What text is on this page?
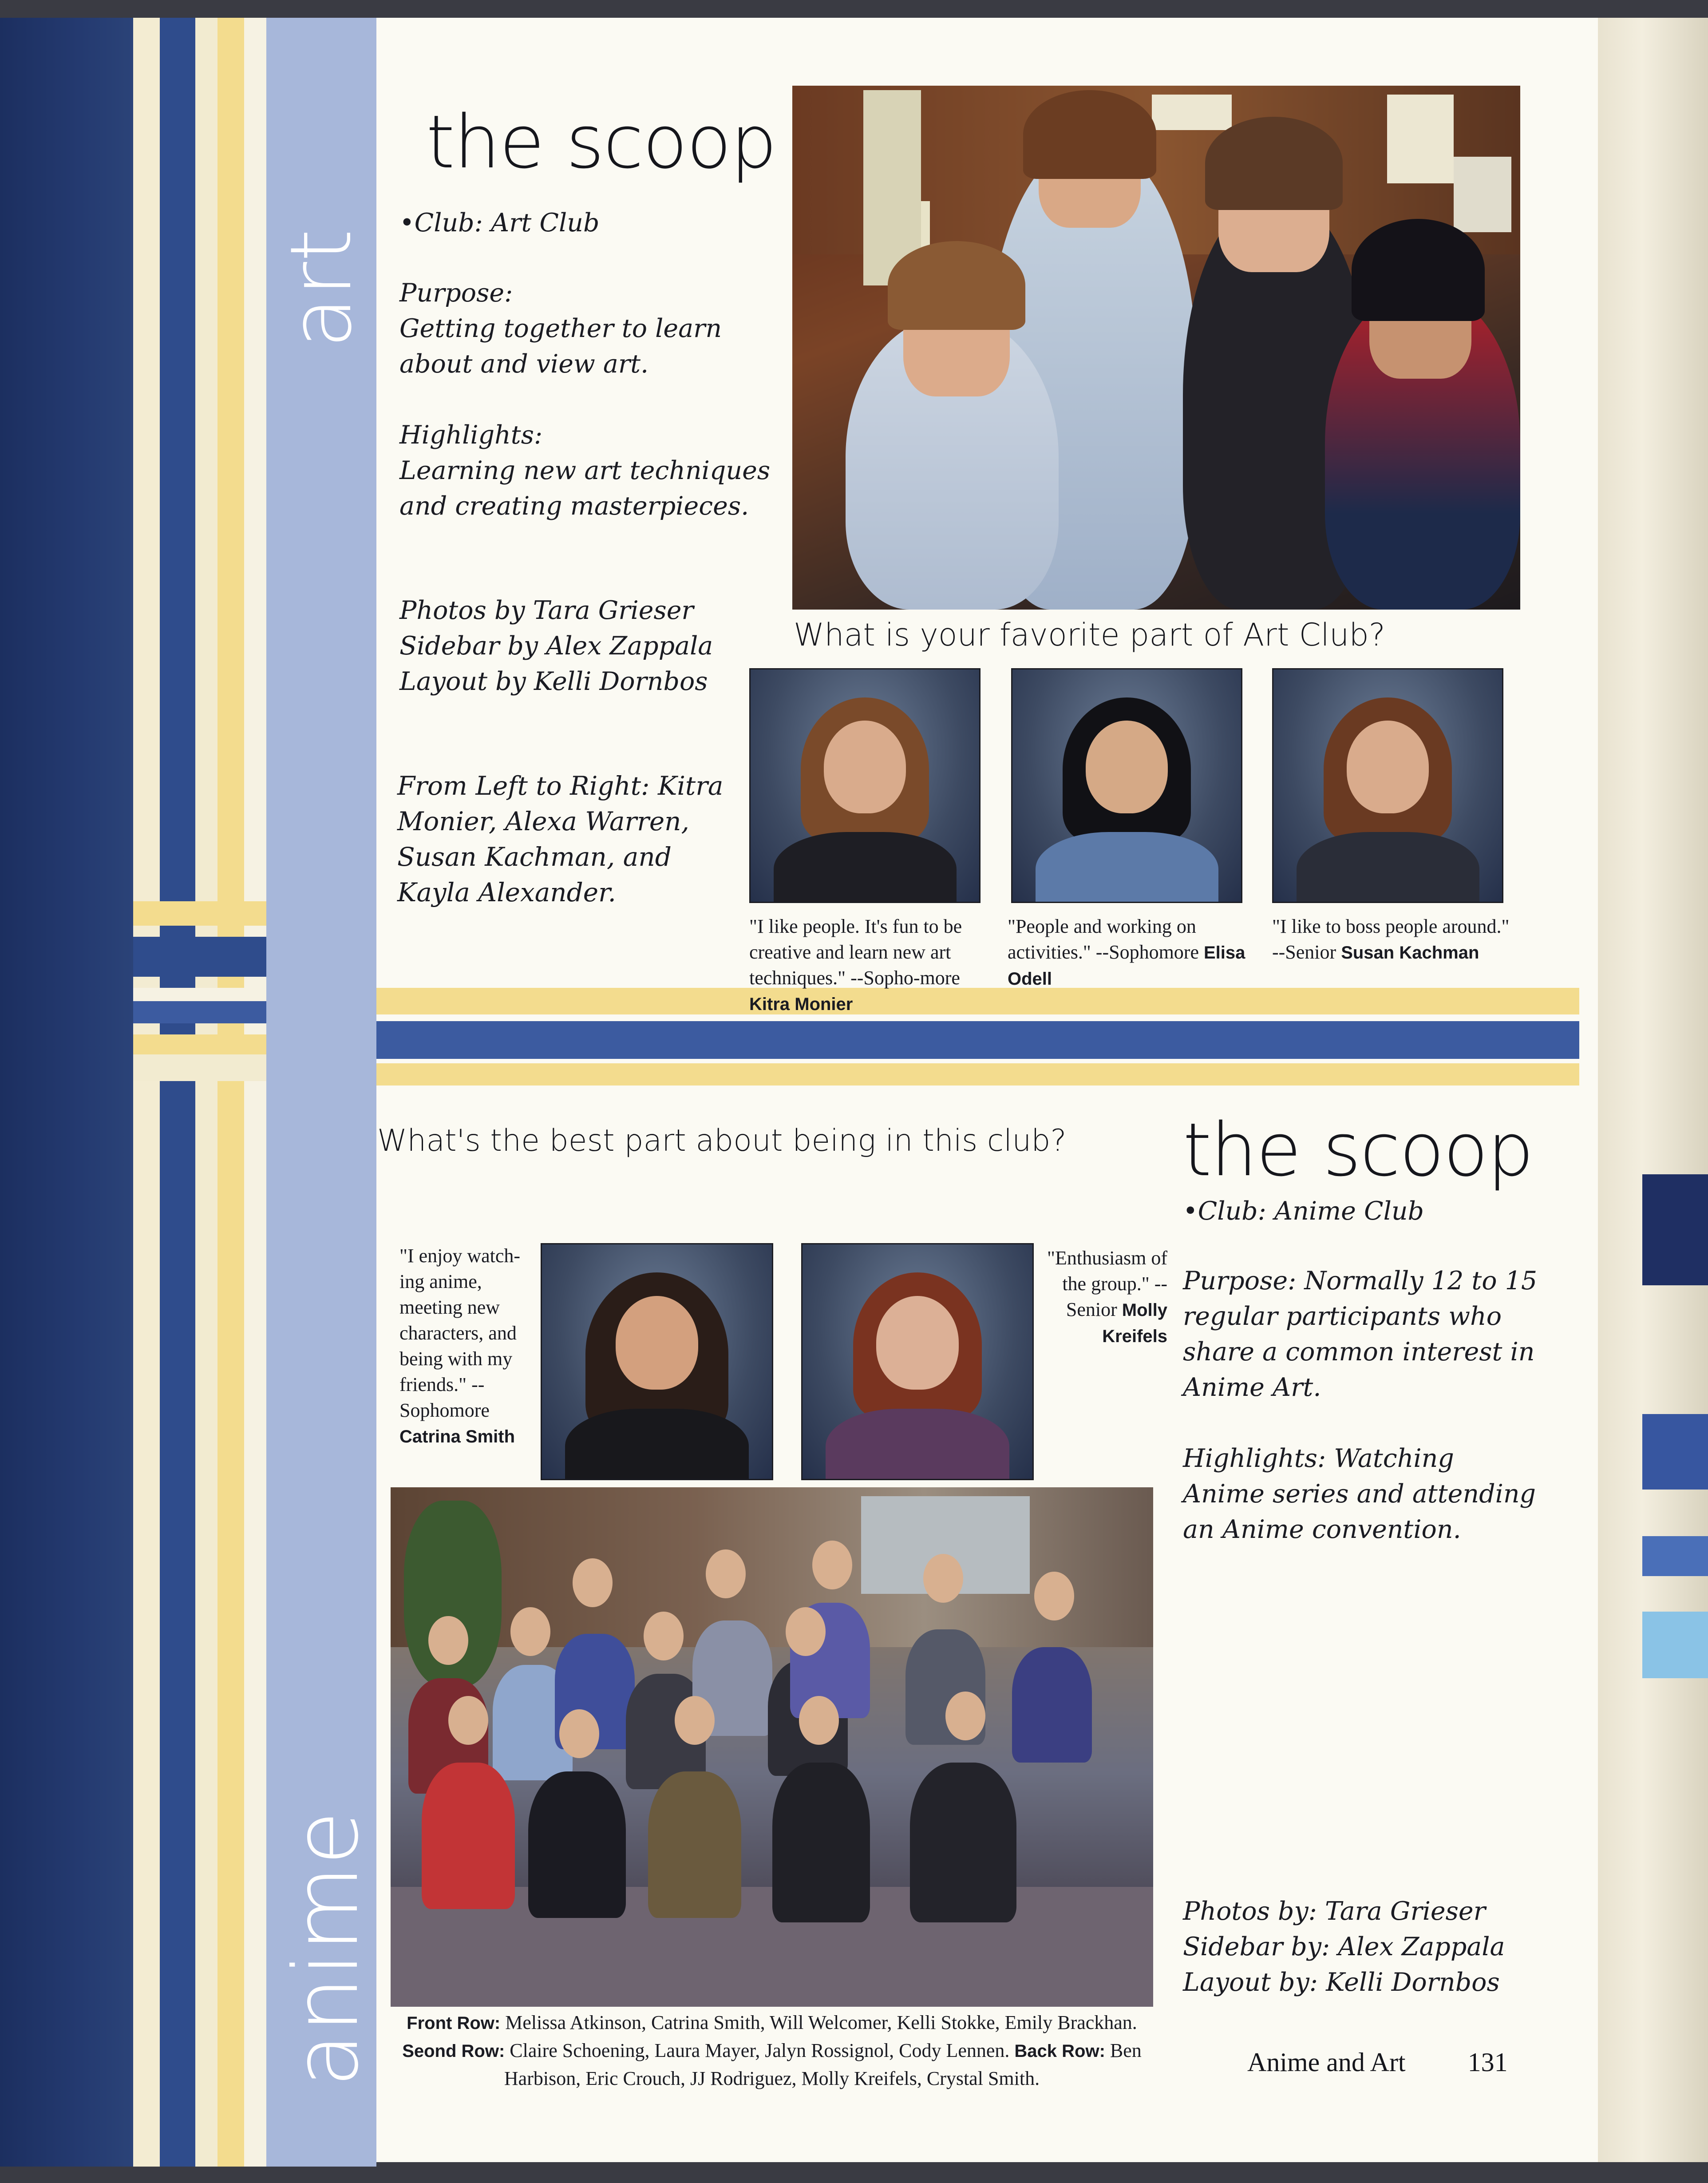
art
anime
the scoop
•Club: Art Club
Purpose:
Getting together to learn
about and view art.
Highlights:
Learning new art techniques
and creating masterpieces.
Photos by Tara Grieser
Sidebar by Alex Zappala
Layout by Kelli Dornbos
From Left to Right: Kitra Monier, Alexa Warren, Susan Kachman, and Kayla Alexander.
What is your favorite part of Art Club?
"I like people. It's fun to be creative and learn new art techniques." --Sopho-more Kitra Monier
"People and working on activities." --Sophomore Elisa Odell
"I like to boss people around." --Senior Susan Kachman
What's the best part about being in this club? the scoop
•Club: Anime Club
Purpose: Normally 12 to 15 regular participants who share a common interest in Anime Art.
Highlights: Watching Anime series and attending an Anime convention.
Photos by: Tara Grieser
Sidebar by: Alex Zappala
Layout by: Kelli Dornbos
"I enjoy watch-ing anime, meeting new characters, and being with my friends." --Sophomore Catrina Smith
"Enthusiasm of the group." --Senior Molly Kreifels
Front Row: Melissa Atkinson, Catrina Smith, Will Welcomer, Kelli Stokke, Emily Brackhan. Seond Row: Claire Schoening, Laura Mayer, Jalyn Rossignol, Cody Lennen. Back Row: Ben Harbison, Eric Crouch, JJ Rodriguez, Molly Kreifels, Crystal Smith.
Anime and Art 131
